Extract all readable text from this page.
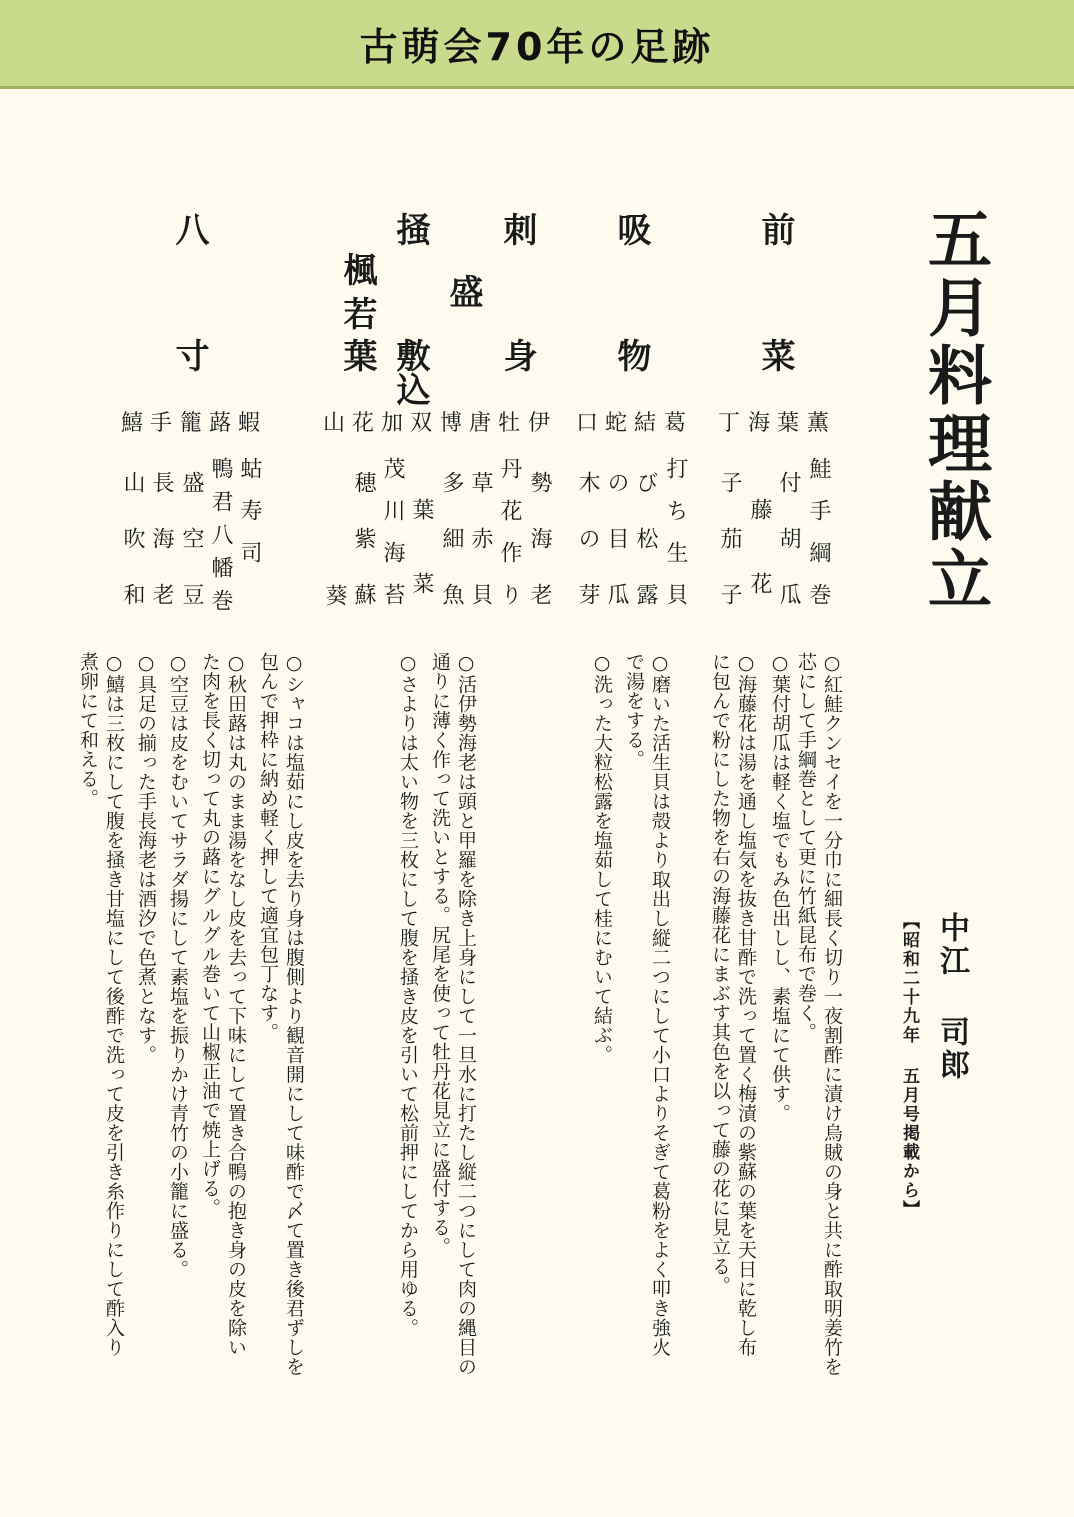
古萌会70年の足跡
五月料理献立
中江 司郎
【昭和二十九年 五月号掲載から】
前
菜
吸
物
刺
身
盛
掻
敷込
楓
若
葉
八
寸
薫
鮭手綱巻
葉
付胡瓜
海
藤花
丁
子茄子
葛
打ち生貝
結
び松露
蛇
の目瓜
口
木の芽
伊
勢海老
牡
丹花作り
唐
草赤貝
博
多細魚
双
葉菜
加
茂川海苔
花
穂紫蘇
山
葵
蝦
蛄寿司
蕗
鴨君八幡巻
籠
盛空豆
手
長海老
鱚
山吹和
○紅鮭クンセイを一分巾に細長く切り一夜割酢に漬け烏賊の身と共に酢取明姜竹を
芯にして手綱巻として更に竹紙昆布で巻く。
○葉付胡瓜は軽く塩でもみ色出しし、素塩にて供す。
○海藤花は湯を通し塩気を抜き甘酢で洗って置く梅漬の紫蘇の葉を天日に乾し布
に包んで粉にした物を右の海藤花にまぶす其色を以って藤の花に見立る。
○磨いた活生貝は殻より取出し縦二つにして小口よりそぎて葛粉をよく叩き強火
で湯をする。
○洗った大粒松露を塩茹して桂にむいて結ぶ。
○活伊勢海老は頭と甲羅を除き上身にして一旦水に打たし縦二つにして肉の縄目の
通りに薄く作って洗いとする。尻尾を使って牡丹花見立に盛付する。
○さよりは太い物を三枚にして腹を掻き皮を引いて松前押にしてから用ゆる。
○シャコは塩茹にし皮を去り身は腹側より観音開にして味酢で〆て置き後君ずしを
包んで押枠に納め軽く押して適宜包丁なす。
○秋田蕗は丸のまま湯をなし皮を去って下味にして置き合鴨の抱き身の皮を除い
た肉を長く切って丸の蕗にグルグル巻いて山椒正油で焼上げる。
○空豆は皮をむいてサラダ揚にして素塩を振りかけ青竹の小籠に盛る。
○具足の揃った手長海老は酒汐で色煮となす。
○鱚は三枚にして腹を掻き甘塩にして後酢で洗って皮を引き糸作りにして酢入り
煮卵にて和える。
